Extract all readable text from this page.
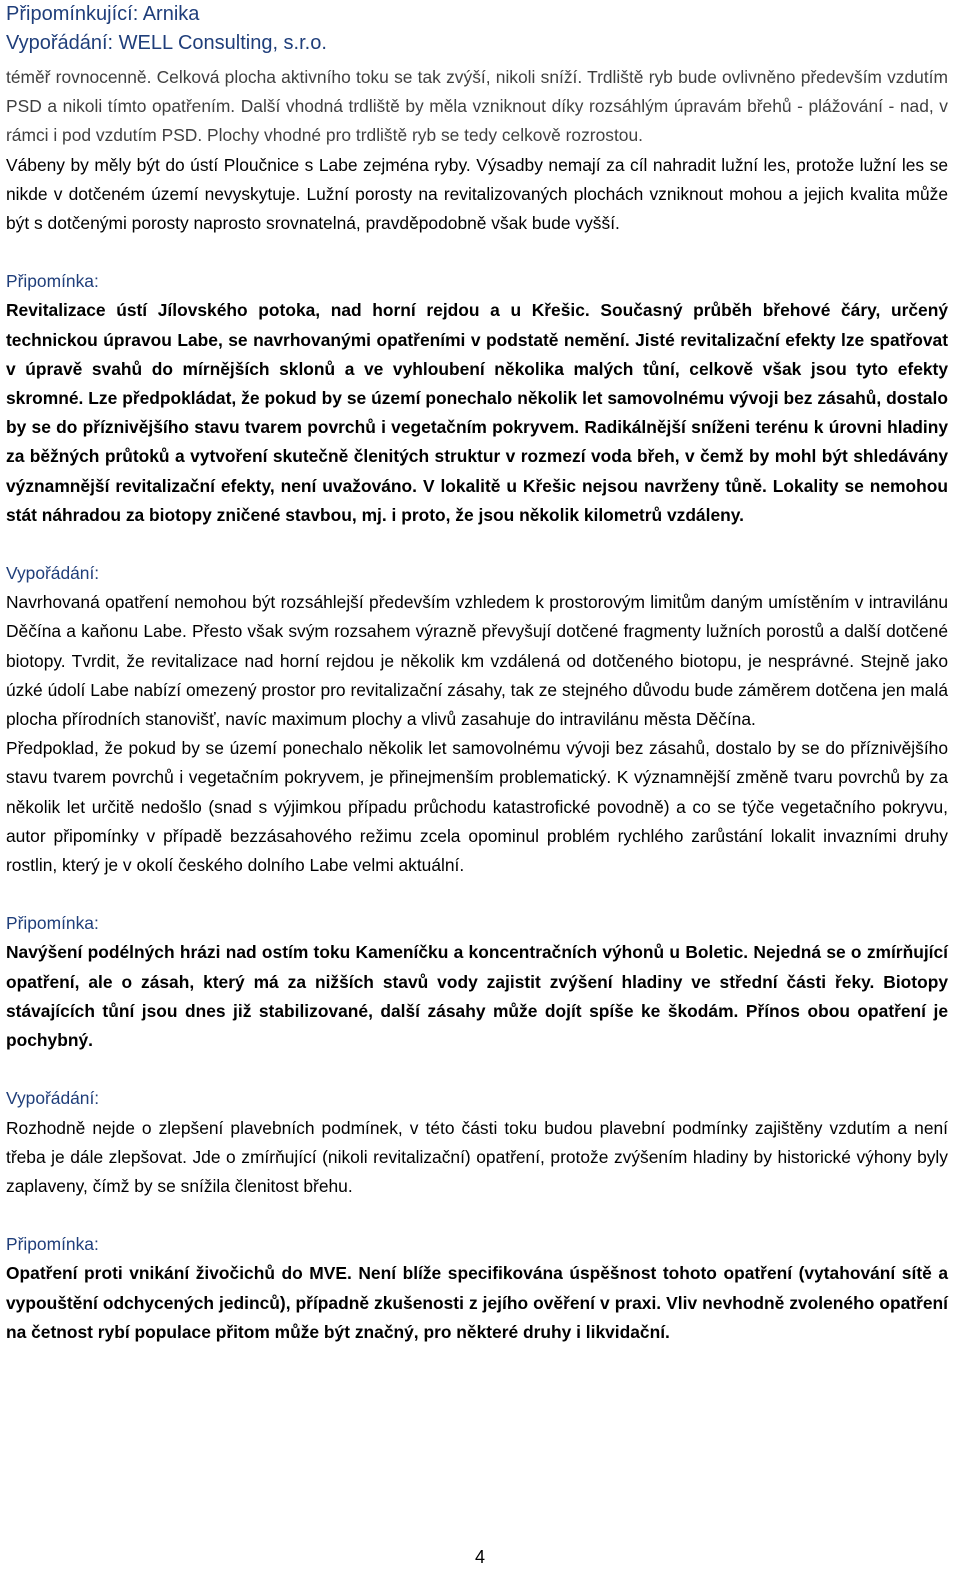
Připomínkující: Arnika
Vypořádání: WELL Consulting, s.r.o.

téměř rovnocenně. Celková plocha aktivního toku se tak zvýší, nikoli sníží. Trdliště ryb bude ovlivněno především vzdutím PSD a nikoli tímto opatřením. Další vhodná trdliště by měla vzniknout díky rozsáhlým úpravám břehů - plážování - nad, v rámci i pod vzdutím PSD. Plochy vhodné pro trdliště ryb se tedy celkově rozrostou.

Vábeny by měly být do ústí Ploučnice s Labe zejména ryby. Výsadby nemají za cíl nahradit lužní les, protože lužní les se nikde v dotčeném území nevyskytuje. Lužní porosty na revitalizovaných plochách vzniknout mohou a jejich kvalita může být s dotčenými porosty naprosto srovnatelná, pravděpodobně však bude vyšší.

Připomínka:

Revitalizace ústí Jílovského potoka, nad horní rejdou a u Křešic. Současný průběh břehové čáry, určený technickou úpravou Labe, se navrhovanými opatřeními v podstatě nemění. Jisté revitalizační efekty lze spatřovat v úpravě svahů do mírnějších sklonů a ve vyhloubení několika malých tůní, celkově však jsou tyto efekty skromné. Lze předpokládat, že pokud by se území ponechalo několik let samovolnému vývoji bez zásahů, dostalo by se do příznivějšího stavu tvarem povrchů i vegetačním pokryvem. Radikálnější sníženi terénu k úrovni hladiny za běžných průtoků a vytvoření skutečně členitých struktur v rozmezí voda břeh, v čemž by mohl být shledávány významnější revitalizační efekty, není uvažováno. V lokalitě u Křešic nejsou navrženy tůně. Lokality se nemohou stát náhradou za biotopy zničené stavbou, mj. i proto, že jsou několik kilometrů vzdáleny.

Vypořádání:

Navrhovaná opatření nemohou být rozsáhlejší především vzhledem k prostorovým limitům daným umístěním v intravilánu Děčína a kaňonu Labe. Přesto však svým rozsahem výrazně převyšují dotčené fragmenty lužních porostů a další dotčené biotopy. Tvrdit, že revitalizace nad horní rejdou je několik km vzdálená od dotčeného biotopu, je nesprávné. Stejně jako úzké údolí Labe nabízí omezený prostor pro revitalizační zásahy, tak ze stejného důvodu bude záměrem dotčena jen malá plocha přírodních stanovišť, navíc maximum plochy a vlivů zasahuje do intravilánu města Děčína.

Předpoklad, že pokud by se území ponechalo několik let samovolnému vývoji bez zásahů, dostalo by se do příznivějšího stavu tvarem povrchů i vegetačním pokryvem, je přinejmenším problematický. K významnější změně tvaru povrchů by za několik let určitě nedošlo (snad s výjimkou případu průchodu katastrofické povodně) a co se týče vegetačního pokryvu, autor připomínky v případě bezzásahového režimu zcela opominul problém rychlého zarůstání lokalit invazními druhy rostlin, který je v okolí českého dolního Labe velmi aktuální.

Připomínka:

Navýšení podélných hrázi nad ostím toku Kameníčku a koncentračních výhonů u Boletic. Nejedná se o zmírňující opatření, ale o zásah, který má za nižších stavů vody zajistit zvýšení hladiny ve střední části řeky. Biotopy stávajících tůní jsou dnes již stabilizované, další zásahy může dojít spíše ke škodám. Přínos obou opatření je pochybný.

Vypořádání:

Rozhodně nejde o zlepšení plavebních podmínek, v této části toku budou plavební podmínky zajištěny vzdutím a není třeba je dále zlepšovat. Jde o zmírňující (nikoli revitalizační) opatření, protože zvýšením hladiny by historické výhony byly zaplaveny, čímž by se snížila členitost břehu.

Připomínka:

Opatření proti vnikání živočichů do MVE. Není blíže specifikována úspěšnost tohoto opatření (vytahování sítě a vypouštění odchycených jedinců), případně zkušenosti z jejího ověření v praxi. Vliv nevhodně zvoleného opatření na četnost rybí populace přitom může být značný, pro některé druhy i likvidační.

4
